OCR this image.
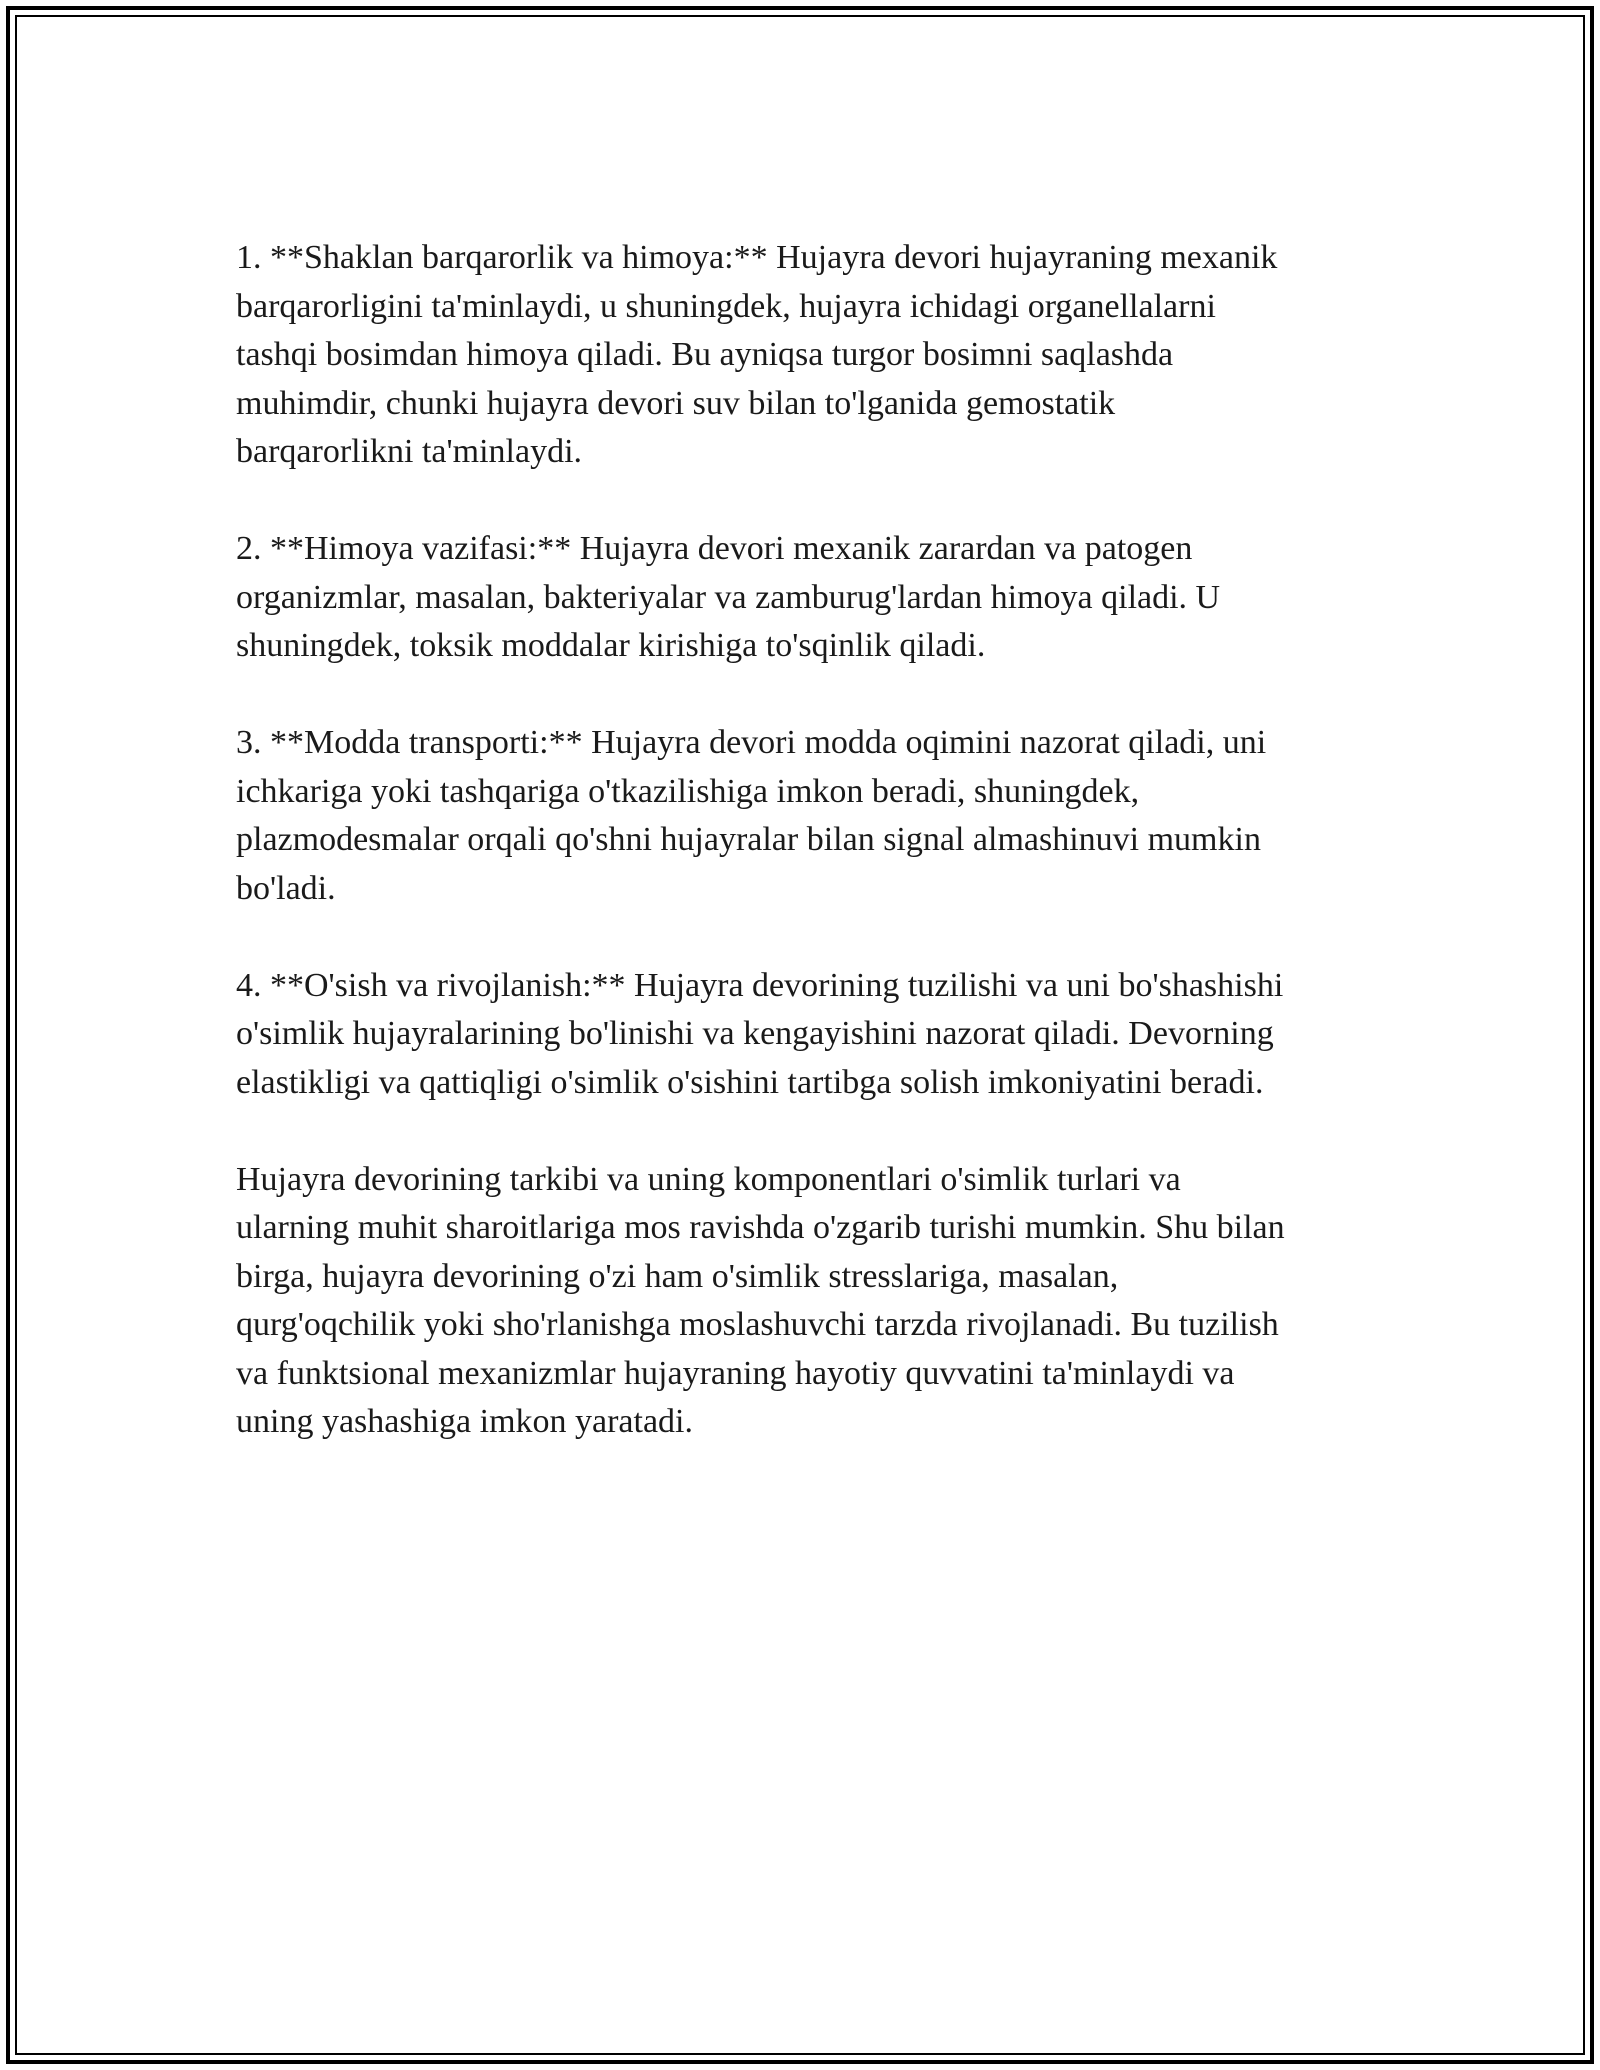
1. **Shaklan barqarorlik va himoya:** Hujayra devori hujayraning mexanik
barqarorligini ta'minlaydi, u shuningdek, hujayra ichidagi organellalarni
tashqi bosimdan himoya qiladi. Bu ayniqsa turgor bosimni saqlashda
muhimdir, chunki hujayra devori suv bilan to'lganida gemostatik
barqarorlikni ta'minlaydi.

2. **Himoya vazifasi:** Hujayra devori mexanik zarardan va patogen
organizmlar, masalan, bakteriyalar va zamburug'lardan himoya qiladi. U
shuningdek, toksik moddalar kirishiga to'sqinlik qiladi.

3. **Modda transporti:** Hujayra devori modda oqimini nazorat qiladi, uni
ichkariga yoki tashqariga o'tkazilishiga imkon beradi, shuningdek,
plazmodesmalar orqali qo'shni hujayralar bilan signal almashinuvi mumkin
bo'ladi.

4. **O'sish va rivojlanish:** Hujayra devorining tuzilishi va uni bo'shashishi
o'simlik hujayralarining bo'linishi va kengayishini nazorat qiladi. Devorning
elastikligi va qattiqligi o'simlik o'sishini tartibga solish imkoniyatini beradi.

Hujayra devorining tarkibi va uning komponentlari o'simlik turlari va
ularning muhit sharoitlariga mos ravishda o'zgarib turishi mumkin. Shu bilan
birga, hujayra devorining o'zi ham o'simlik stresslariga, masalan,
qurg'oqchilik yoki sho'rlanishga moslashuvchi tarzda rivojlanadi. Bu tuzilish
va funktsional mexanizmlar hujayraning hayotiy quvvatini ta'minlaydi va
uning yashashiga imkon yaratadi.
